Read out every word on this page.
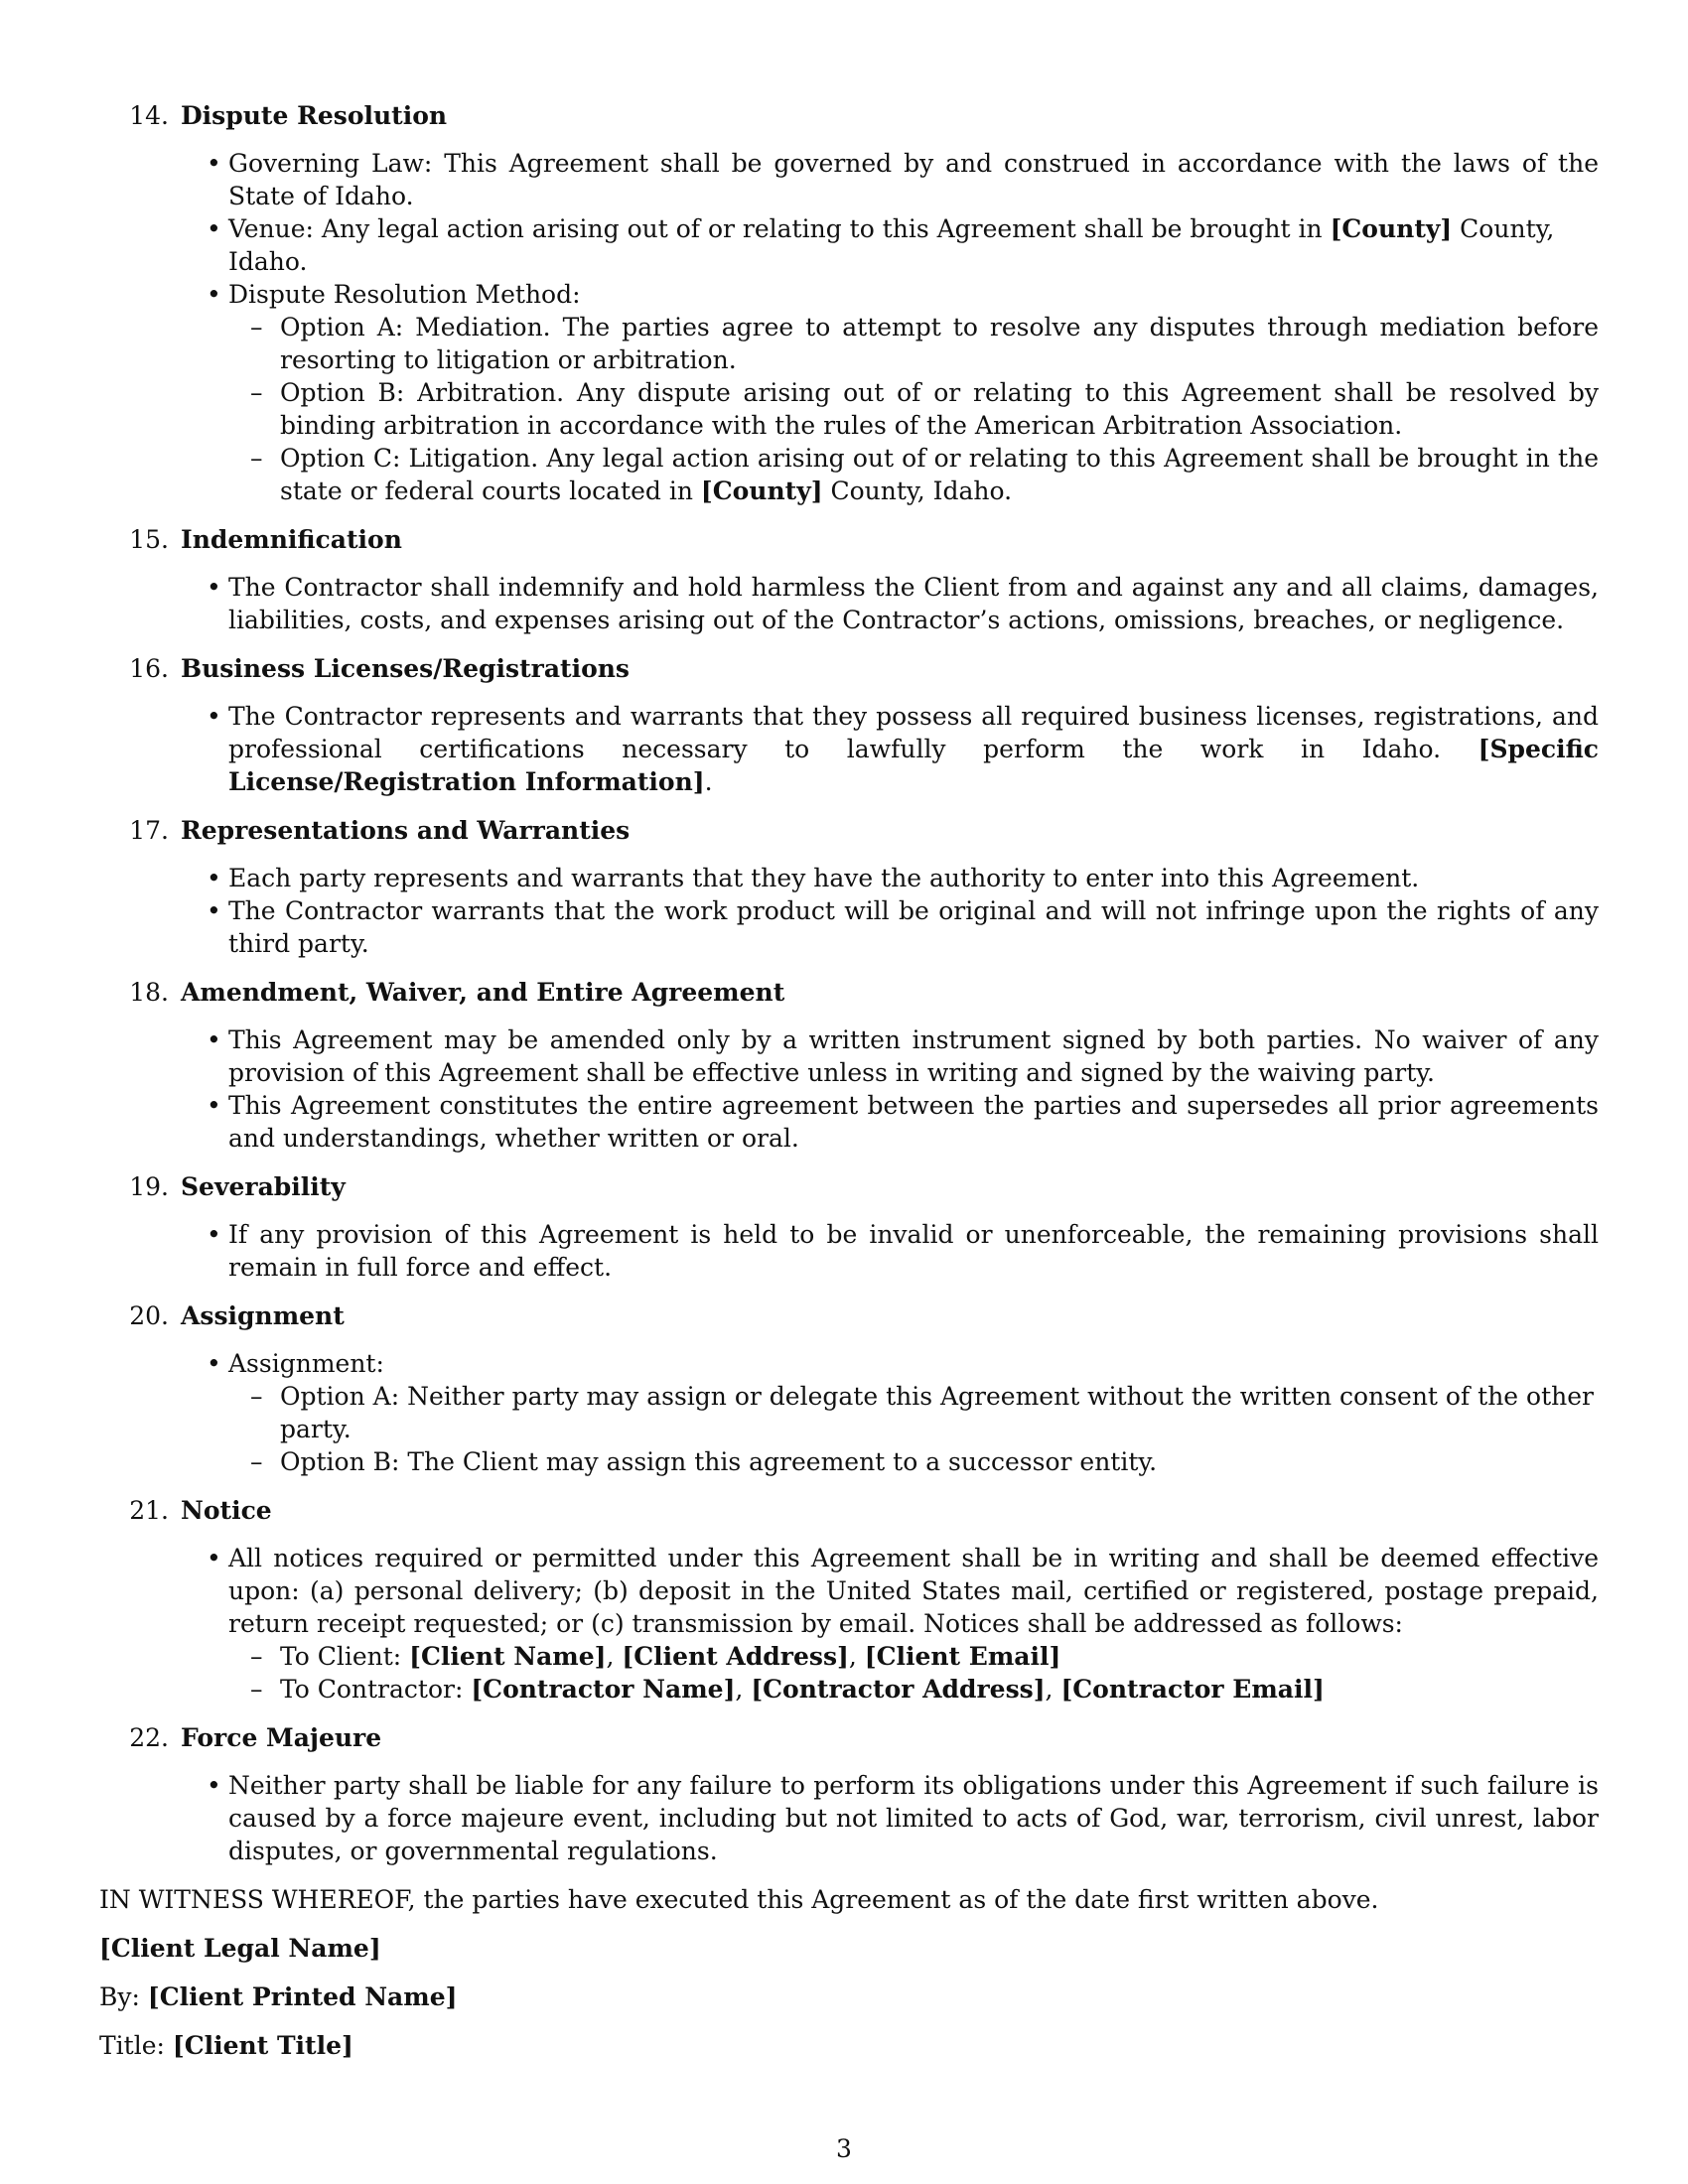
14. Dispute Resolution
• Governing Law: This Agreement shall be governed by and construed in accordance with the laws of the State of Idaho.
• Venue: Any legal action arising out of or relating to this Agreement shall be brought in [County] County, Idaho.
• Dispute Resolution Method:
– Option A: Mediation. The parties agree to attempt to resolve any disputes through mediation before resorting to litigation or arbitration.
– Option B: Arbitration. Any dispute arising out of or relating to this Agreement shall be resolved by binding arbitration in accordance with the rules of the American Arbitration Association.
– Option C: Litigation. Any legal action arising out of or relating to this Agreement shall be brought in the state or federal courts located in [County] County, Idaho.
15. Indemnification
• The Contractor shall indemnify and hold harmless the Client from and against any and all claims, damages, liabilities, costs, and expenses arising out of the Contractor’s actions, omissions, breaches, or negligence.
16. Business Licenses/Registrations
• The Contractor represents and warrants that they possess all required business licenses, registrations, and professional certifications necessary to lawfully perform the work in Idaho. [Specific License/Registration Information].
17. Representations and Warranties
• Each party represents and warrants that they have the authority to enter into this Agreement.
• The Contractor warrants that the work product will be original and will not infringe upon the rights of any third party.
18. Amendment, Waiver, and Entire Agreement
• This Agreement may be amended only by a written instrument signed by both parties. No waiver of any provision of this Agreement shall be effective unless in writing and signed by the waiving party.
• This Agreement constitutes the entire agreement between the parties and supersedes all prior agreements and understandings, whether written or oral.
19. Severability
• If any provision of this Agreement is held to be invalid or unenforceable, the remaining provisions shall remain in full force and effect.
20. Assignment
• Assignment:
– Option A: Neither party may assign or delegate this Agreement without the written consent of the other party.
– Option B: The Client may assign this agreement to a successor entity.
21. Notice
• All notices required or permitted under this Agreement shall be in writing and shall be deemed effective upon: (a) personal delivery; (b) deposit in the United States mail, certified or registered, postage prepaid, return receipt requested; or (c) transmission by email. Notices shall be addressed as follows:
– To Client: [Client Name], [Client Address], [Client Email]
– To Contractor: [Contractor Name], [Contractor Address], [Contractor Email]
22. Force Majeure
• Neither party shall be liable for any failure to perform its obligations under this Agreement if such failure is caused by a force majeure event, including but not limited to acts of God, war, terrorism, civil unrest, labor disputes, or governmental regulations.
IN WITNESS WHEREOF, the parties have executed this Agreement as of the date first written above.
[Client Legal Name]
By: [Client Printed Name]
Title: [Client Title]
3
